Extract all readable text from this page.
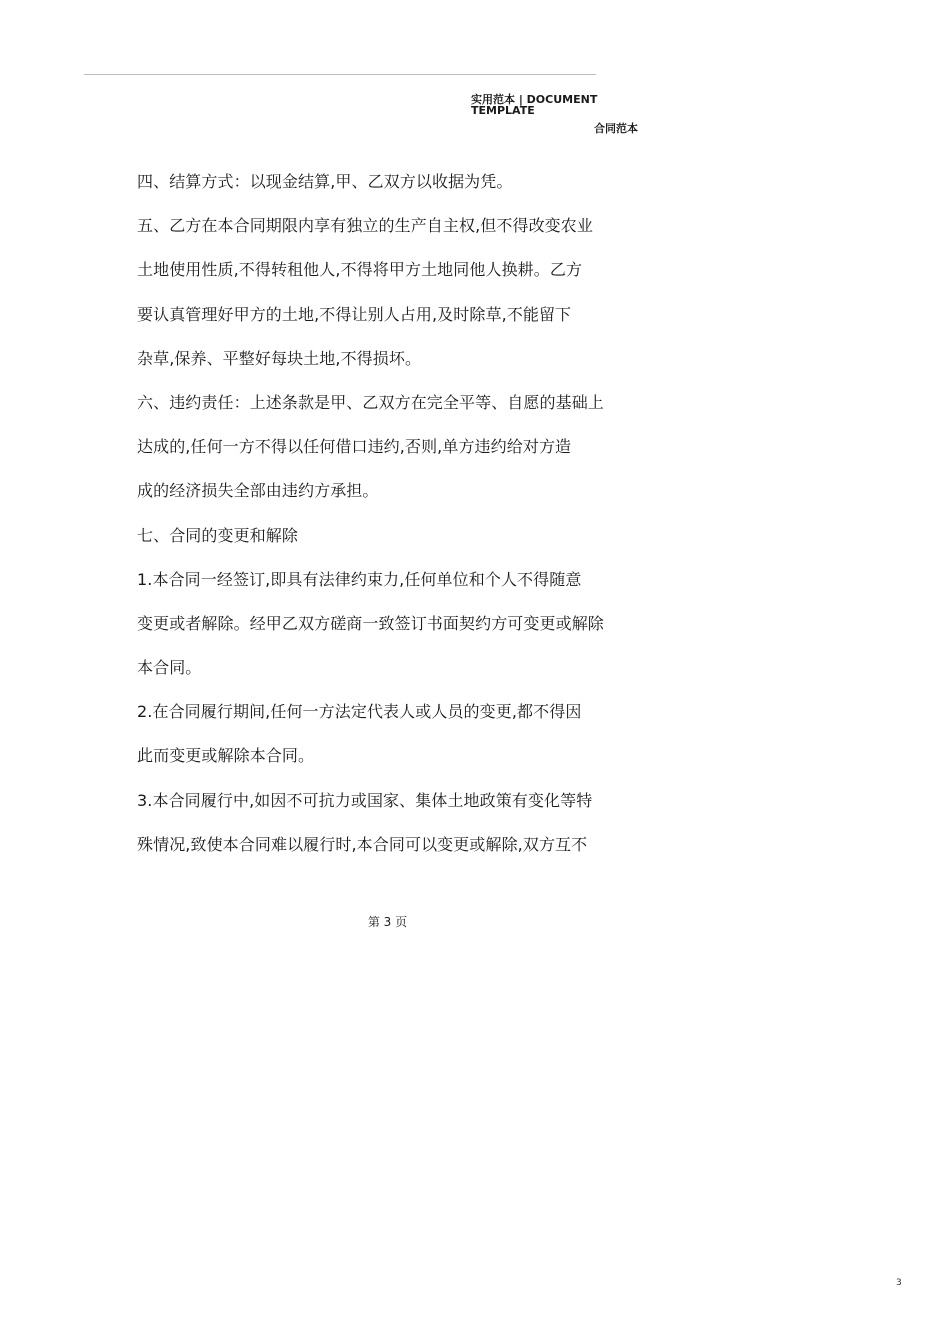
实用范本 | DOCUMENT TEMPLATE
合同范本
四、结算方式：以现金结算,甲、乙双方以收据为凭。
五、乙方在本合同期限内享有独立的生产自主权,但不得改变农业
土地使用性质,不得转租他人,不得将甲方土地同他人换耕。乙方
要认真管理好甲方的土地,不得让别人占用,及时除草,不能留下
杂草,保养、平整好每块土地,不得损坏。
六、违约责任：上述条款是甲、乙双方在完全平等、自愿的基础上
达成的,任何一方不得以任何借口违约,否则,单方违约给对方造
成的经济损失全部由违约方承担。
七、合同的变更和解除
1.本合同一经签订,即具有法律约束力,任何单位和个人不得随意
变更或者解除。经甲乙双方磋商一致签订书面契约方可变更或解除
本合同。
2.在合同履行期间,任何一方法定代表人或人员的变更,都不得因
此而变更或解除本合同。
3.本合同履行中,如因不可抗力或国家、集体土地政策有变化等特
殊情况,致使本合同难以履行时,本合同可以变更或解除,双方互不
第 3 页
3
